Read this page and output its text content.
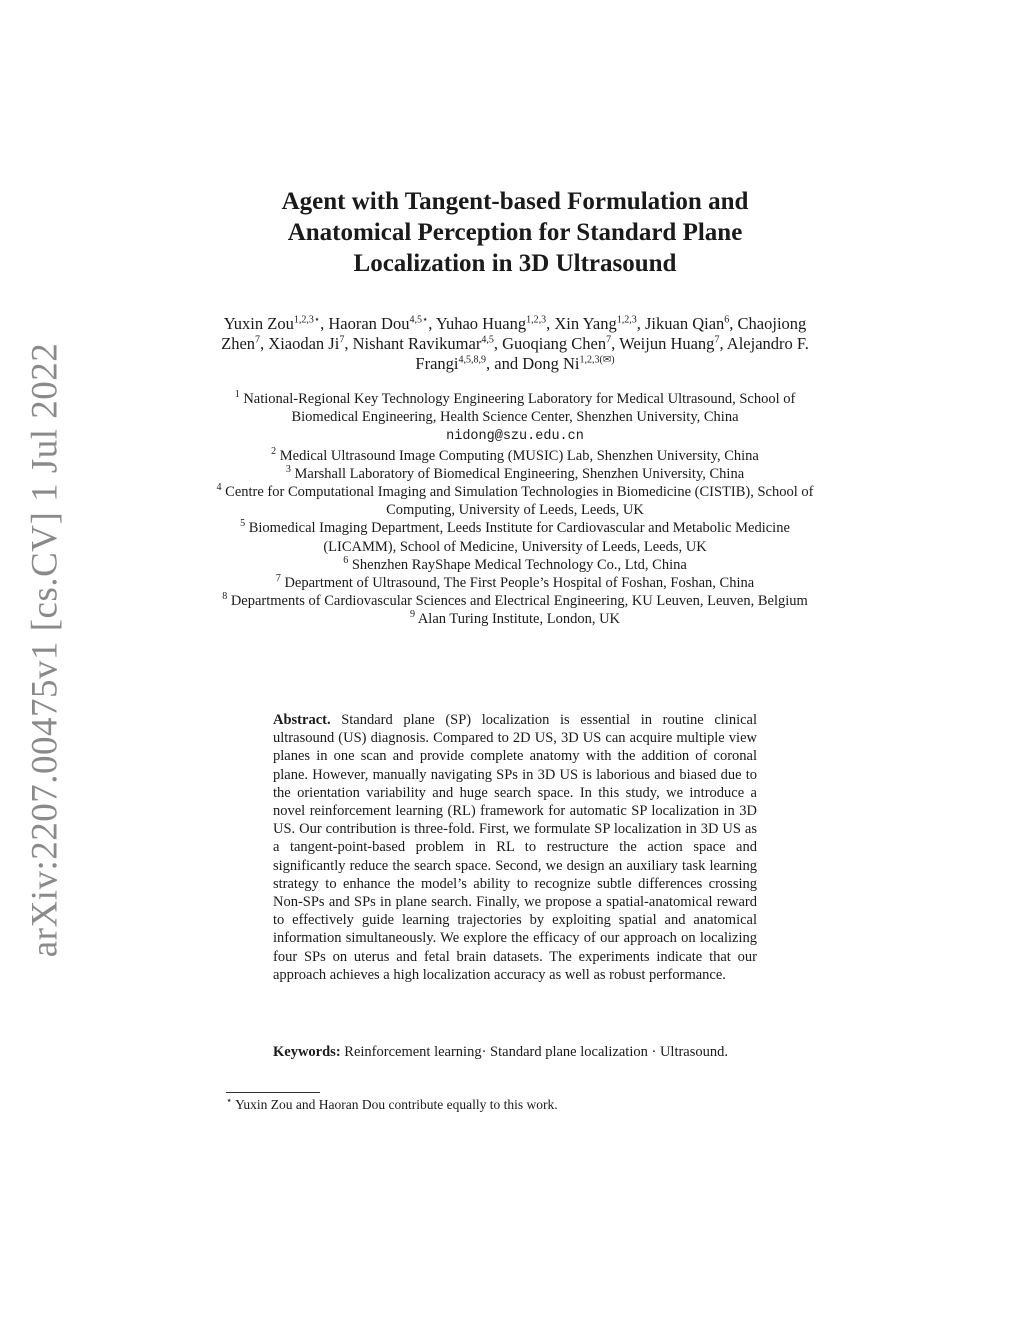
arXiv:2207.00475v1 [cs.CV] 1 Jul 2022
Agent with Tangent-based Formulation and
Anatomical Perception for Standard Plane
Localization in 3D Ultrasound
Yuxin Zou$^{1,2,3⋆}$, Haoran Dou$^{4,5⋆}$, Yuhao Huang$^{1,2,3}$, Xin Yang$^{1,2,3}$, Jikuan Qian$^6$, Chaojiong Zhen$^7$, Xiaodan Ji$^7$, Nishant Ravikumar$^{4,5}$, Guoqiang Chen$^7$, Weijun Huang$^7$, Alejandro F. Frangi$^{4,5,8,9}$, and Dong $Ni^{1,2,3(✉)}$
$^1$ National-Regional Key Technology Engineering Laboratory for Medical Ultrasound, School of Biomedical Engineering, Health Science Center, Shenzhen University, China
nidong@szu.edu.cn
$^2$ Medical Ultrasound Image Computing (MUSIC) Lab, Shenzhen University, China
$^3$ Marshall Laboratory of Biomedical Engineering, Shenzhen University, China
$^4$ Centre for Computational Imaging and Simulation Technologies in Biomedicine (CISTIB), School of Computing, University of Leeds, Leeds, UK
$^5$ Biomedical Imaging Department, Leeds Institute for Cardiovascular and Metabolic Medicine (LICAMM), School of Medicine, University of Leeds, Leeds, UK
$^6$ Shenzhen RayShape Medical Technology Co., Ltd, China
$^7$ Department of Ultrasound, The First People’s Hospital of Foshan, Foshan, China
$^8$ Departments of Cardiovascular Sciences and Electrical Engineering, KU Leuven, Leuven, Belgium
$^9$ Alan Turing Institute, London, UK
Abstract. Standard plane (SP) localization is essential in routine clinical ultrasound (US) diagnosis. Compared to 2D US, 3D US can acquire multiple view planes in one scan and provide complete anatomy with the addition of coronal plane. However, manually navigating SPs in 3D US is laborious and biased due to the orientation variability and huge search space. In this study, we introduce a novel reinforcement learning (RL) framework for automatic SP localization in 3D US. Our contribution is three-fold. First, we formulate SP localization in 3D US as a tangent-point-based problem in RL to restructure the action space and significantly reduce the search space. Second, we design an auxiliary task learning strategy to enhance the model’s ability to recognize subtle differences crossing Non-SPs and SPs in plane search. Finally, we propose a spatial-anatomical reward to effectively guide learning trajectories by exploiting spatial and anatomical information simultaneously. We explore the efficacy of our approach on localizing four SPs on uterus and fetal brain datasets. The experiments indicate that our approach achieves a high localization accuracy as well as robust performance.
Keywords: Reinforcement learning· Standard plane localization · Ultrasound.
⋆ Yuxin Zou and Haoran Dou contribute equally to this work.
